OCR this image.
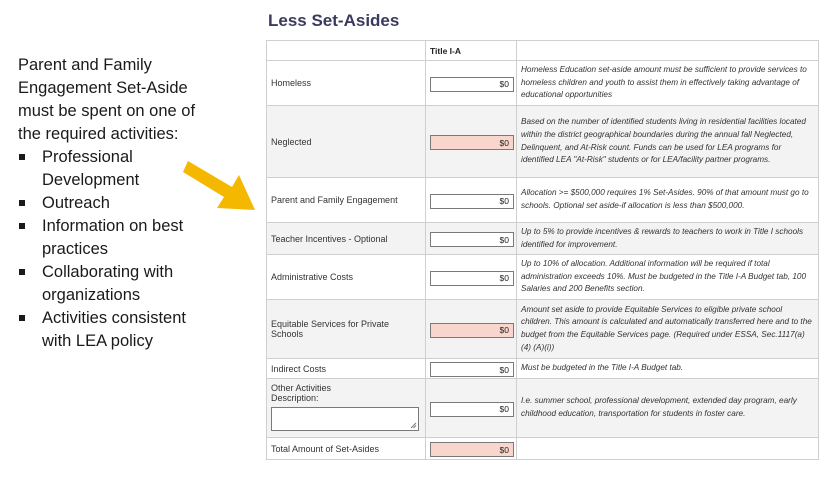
Parent and Family Engagement Set-Aside must be spent on one of the required activities:

Professional Development
Outreach
Information on best practices
Collaborating with organizations
Activities consistent with LEA policy
Less Set-Asides
	Title I-A	
Homeless	$0	Homeless Education set-aside amount must be sufficient to provide services to homeless children and youth to assist them in effectively taking advantage of educational opportunities
Neglected	$0	Based on the number of identified students living in residential facilities located within the district geographical boundaries during the annual fall Neglected, Delinquent, and At-Risk count. Funds can be used for LEA programs for identified LEA "At-Risk" students or for LEA/facility partner programs.
Parent and Family Engagement	$0	Allocation >= $500,000 requires 1% Set-Asides. 90% of that amount must go to schools. Optional set aside-if allocation is less than $500,000.
Teacher Incentives - Optional	$0	Up to 5% to provide incentives & rewards to teachers to work in Title I schools identified for improvement.
Administrative Costs	$0	Up to 10% of allocation. Additional information will be required if total administration exceeds 10%. Must be budgeted in the Title I-A Budget tab, 100 Salaries and 200 Benefits section.
Equitable Services for Private Schools	$0	Amount set aside to provide Equitable Services to eligible private school children. This amount is calculated and automatically transferred here and to the budget from the Equitable Services page. (Required under ESSA, Sec.1117(a) (4) (A)(i))
Indirect Costs	$0	Must be budgeted in the Title I-A Budget tab.

Other Activities
Description:
	$0	I.e. summer school, professional development, extended day program, early childhood education, transportation for students in foster care.
Total Amount of Set-Asides	$0	
